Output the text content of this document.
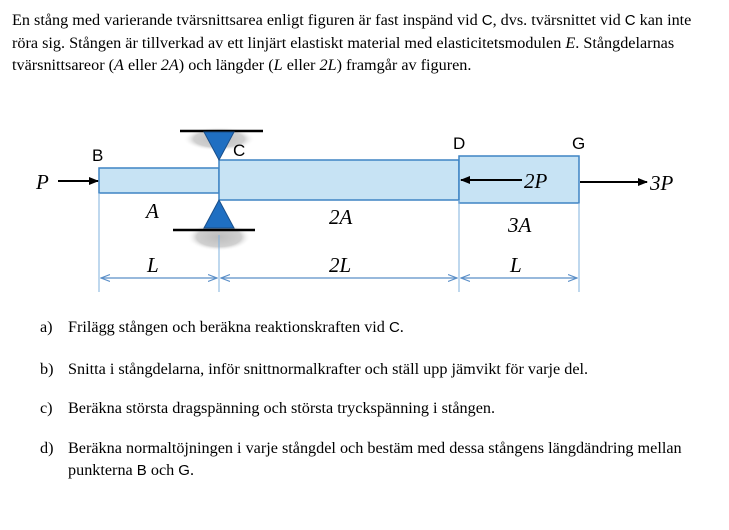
En stång med varierande tvärsnittsarea enligt figuren är fast inspänd vid C, dvs. tvärsnittet vid C kan inte röra sig. Stången är tillverkad av ett linjärt elastiskt material med elasticitetsmodulen E. Stångdelarnas tvärsnittsareor (A eller 2A) och längder (L eller 2L) framgår av figuren.

B	C	D	G
P	2P	3P
A	2A	3A
L	2L	L
a) Frilägg stången och beräkna reaktionskraften vid C.
b) Snitta i stångdelarna, inför snittnormalkrafter och ställ upp jämvikt för varje del.
c) Beräkna största dragspänning och största tryckspänning i stången.
d) Beräkna normaltöjningen i varje stångdel och bestäm med dessa stångens längdändring mellan punkterna B och G.
